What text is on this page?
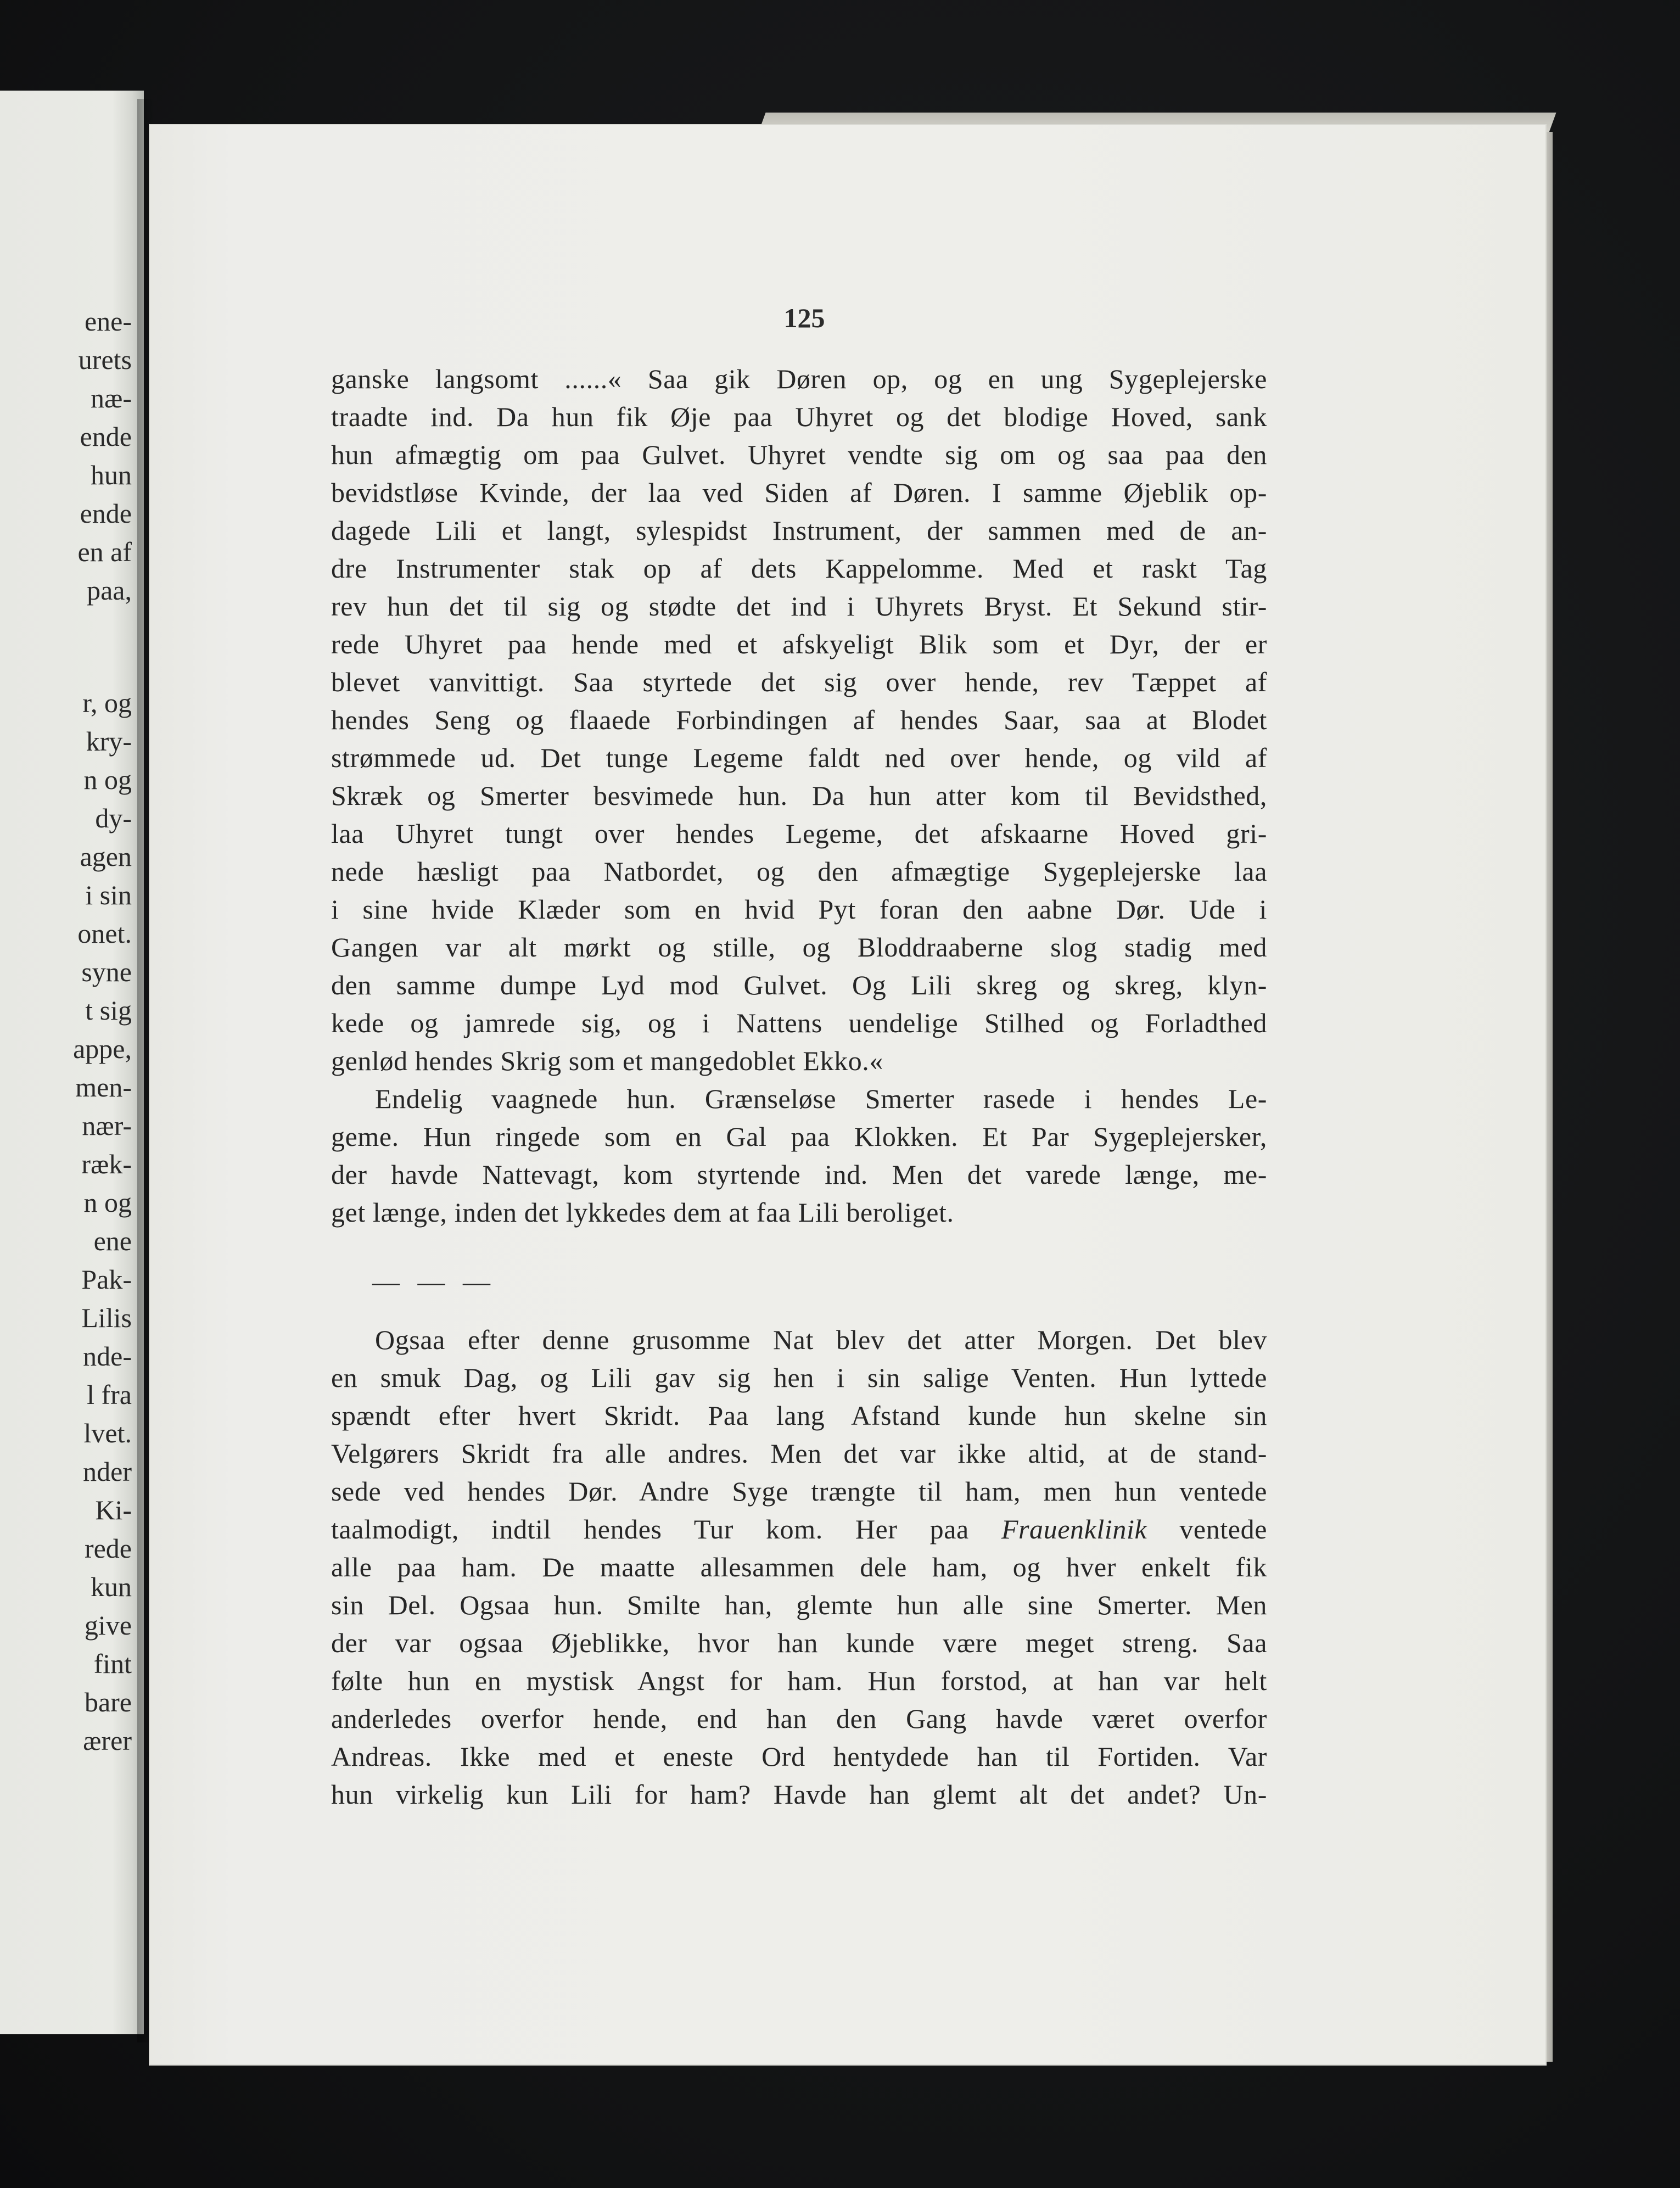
ene-
urets
næ-
ende
hun
ende
en af
paa,
r, og
kry-
n og
dy-
agen
i sin
onet.
syne
t sig
appe,
men-
nær-
ræk-
n og
ene
Pak-
Lilis
nde-
l fra
lvet.
nder
Ki-
rede
kun
give
fint
bare
ærer
125
ganske langsomt ......« Saa gik Døren op, og en ung Sygeplejerske
traadte ind. Da hun fik Øje paa Uhyret og det blodige Hoved, sank
hun afmægtig om paa Gulvet. Uhyret vendte sig om og saa paa den
bevidstløse Kvinde, der laa ved Siden af Døren. I samme Øjeblik op-
dagede Lili et langt, sylespidst Instrument, der sammen med de an-
dre Instrumenter stak op af dets Kappelomme. Med et raskt Tag
rev hun det til sig og stødte det ind i Uhyrets Bryst. Et Sekund stir-
rede Uhyret paa hende med et afskyeligt Blik som et Dyr, der er
blevet vanvittigt. Saa styrtede det sig over hende, rev Tæppet af
hendes Seng og flaaede Forbindingen af hendes Saar, saa at Blodet
strømmede ud. Det tunge Legeme faldt ned over hende, og vild af
Skræk og Smerter besvimede hun. Da hun atter kom til Bevidsthed,
laa Uhyret tungt over hendes Legeme, det afskaarne Hoved gri-
nede hæsligt paa Natbordet, og den afmægtige Sygeplejerske laa
i sine hvide Klæder som en hvid Pyt foran den aabne Dør. Ude i
Gangen var alt mørkt og stille, og Bloddraaberne slog stadig med
den samme dumpe Lyd mod Gulvet. Og Lili skreg og skreg, klyn-
kede og jamrede sig, og i Nattens uendelige Stilhed og Forladthed
genlød hendes Skrig som et mangedoblet Ekko.«
Endelig vaagnede hun. Grænseløse Smerter rasede i hendes Le-
geme. Hun ringede som en Gal paa Klokken. Et Par Sygeplejersker,
der havde Nattevagt, kom styrtende ind. Men det varede længe, me-
get længe, inden det lykkedes dem at faa Lili beroliget.
— — —
Ogsaa efter denne grusomme Nat blev det atter Morgen. Det blev
en smuk Dag, og Lili gav sig hen i sin salige Venten. Hun lyttede
spændt efter hvert Skridt. Paa lang Afstand kunde hun skelne sin
Velgørers Skridt fra alle andres. Men det var ikke altid, at de stand-
sede ved hendes Dør. Andre Syge trængte til ham, men hun ventede
taalmodigt, indtil hendes Tur kom. Her paa Frauenklinik ventede
alle paa ham. De maatte allesammen dele ham, og hver enkelt fik
sin Del. Ogsaa hun. Smilte han, glemte hun alle sine Smerter. Men
der var ogsaa Øjeblikke, hvor han kunde være meget streng. Saa
følte hun en mystisk Angst for ham. Hun forstod, at han var helt
anderledes overfor hende, end han den Gang havde været overfor
Andreas. Ikke med et eneste Ord hentydede han til Fortiden. Var
hun virkelig kun Lili for ham? Havde han glemt alt det andet? Un-
